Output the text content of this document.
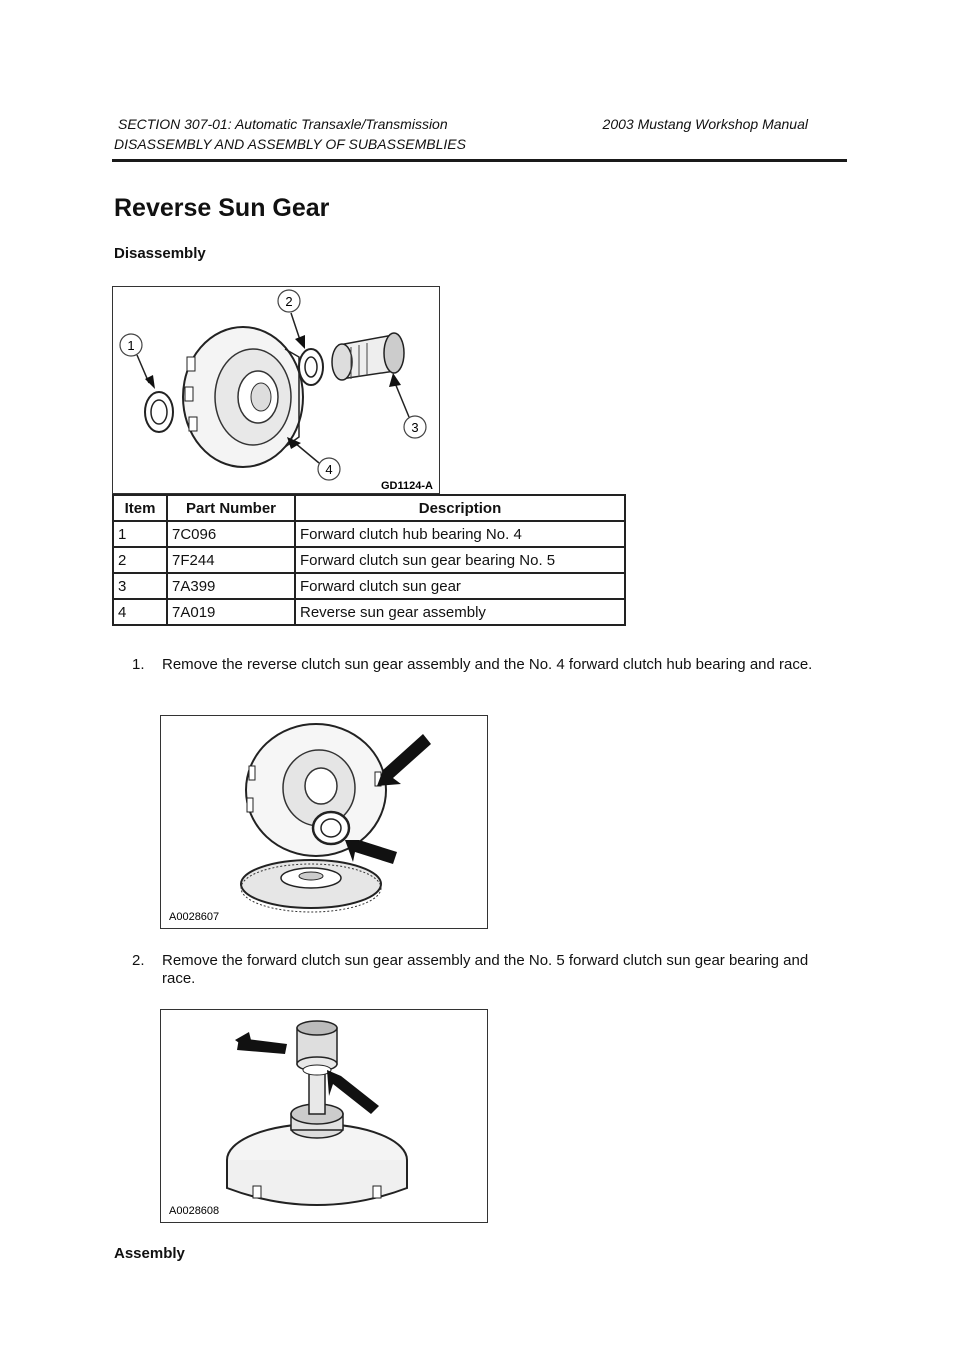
SECTION 307-01: Automatic Transaxle/Transmission	2003 Mustang Workshop Manual
DISASSEMBLY AND ASSEMBLY OF SUBASSEMBLIES
Reverse Sun Gear
Disassembly
1
2
3
4
GD1124-A
Item	Part Number	Description
1	7C096	Forward clutch hub bearing No. 4
2	7F244	Forward clutch sun gear bearing No. 5
3	7A399	Forward clutch sun gear
4	7A019	Reverse sun gear assembly
1. Remove the reverse clutch sun gear assembly and the No. 4 forward clutch hub bearing and race.
A0028607
2. Remove the forward clutch sun gear assembly and the No. 5 forward clutch sun gear bearing and race.
A0028608
Assembly
